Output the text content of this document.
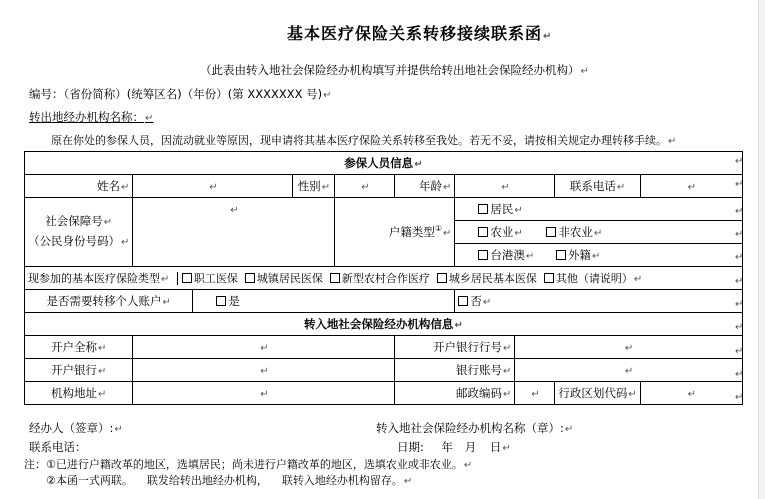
基本医疗保险关系转移接续联系函↵
（此表由转入地社会保险经办机构填写并提供给转出地社会保险经办机构）↵
编号：（省份简称）(统筹区名)（年份）(第 XXXXXXX 号)↵
转出地经办机构名称：↵
原在你处的参保人员，因流动就业等原因，现申请将其基本医疗保险关系转移至我处。若无不妥，请按相关规定办理转移手续。↵
参保人员信息↵									
姓名↵	↵		性别↵	↵	年龄↵	↵		联系电话↵	↵
社会保障号↵
（公民身份号码）↵	↵			户籍类型①↵		居民↵			
						农业↵ 非农业↵			
						台港澳↵ 外籍↵			
现参加的基本医疗保险类型↵ 职工医保 城镇居民医保 新型农村合作医疗 城乡居民基本医保 其他（请说明）↵									
是否需要转移个人账户↵		是				否↵			
转入地社会保险经办机构信息↵									
开户全称↵	↵				开户银行行号↵		↵		
开户银行↵	↵				银行账号↵		↵		
机构地址↵	↵				邮政编码↵		↵	行政区划代码↵	↵
↵
↵
↵
↵
↵
↵
↵
↵
↵
↵
↵
经办人（签章）:↵	转入地社会保险经办机构名称（章）:↵
联系电话：	日期: 年 月 日↵
注：①已进行户籍改革的地区，选填居民；尚未进行户籍改革的地区，选填农业或非农业。↵
②本函一式两联。 联发给转出地经办机构， 联转入地经办机构留存。↵
